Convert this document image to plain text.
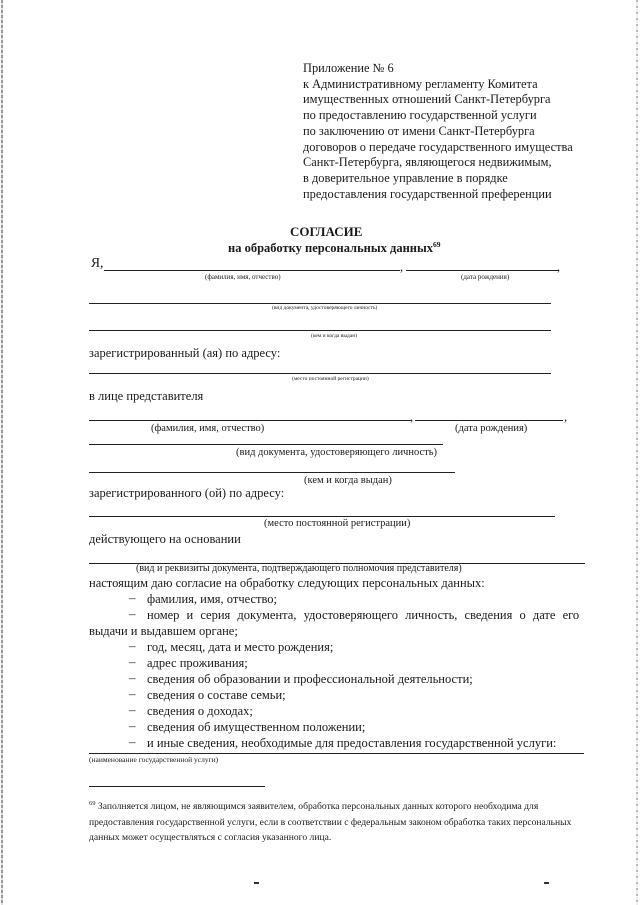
Приложение № 6
к Административному регламенту Комитета
имущественных отношений Санкт-Петербурга
по предоставлению государственной услуги
по заключению от имени Санкт-Петербурга
договоров о передаче государственного имущества
Санкт-Петербурга, являющегося недвижимым,
в доверительное управление в порядке
предоставления государственной преференции
СОГЛАСИЕ
на обработку персональных данных$^{69}$
Я,	,	,
(фамилия, имя, отчество)	(дата рождения)
(вид документа, удостоверяющего личность)
(кем и когда выдан)
зарегистрированный (ая) по адресу:
(место постоянной регистрации)
в лице представителя
,	,
(фамилия, имя, отчество)	(дата рождения)
(вид документа, удостоверяющего личность)
(кем и когда выдан)
зарегистрированного (ой) по адресу:
(место постоянной регистрации)
действующего на основании
(вид и реквизиты документа, подтверждающего полномочия представителя)
настоящим даю согласие на обработку следующих персональных данных:
– фамилия, имя, отчество;
– номер и серия документа, удостоверяющего личность, сведения о дате его
выдачи и выдавшем органе;
– год, месяц, дата и место рождения;
– адрес проживания;
– сведения об образовании и профессиональной деятельности;
– сведения о составе семьи;
– сведения о доходах;
– сведения об имущественном положении;
– и иные сведения, необходимые для предоставления государственной услуги:
(наименование государственной услуги)
$^{69}$ Заполняется лицом, не являющимся заявителем, обработка персональных данных которого необходима для предоставления государственной услуги, если в соответствии с федеральным законом обработка таких персональных данных может осуществляться с согласия указанного лица.
